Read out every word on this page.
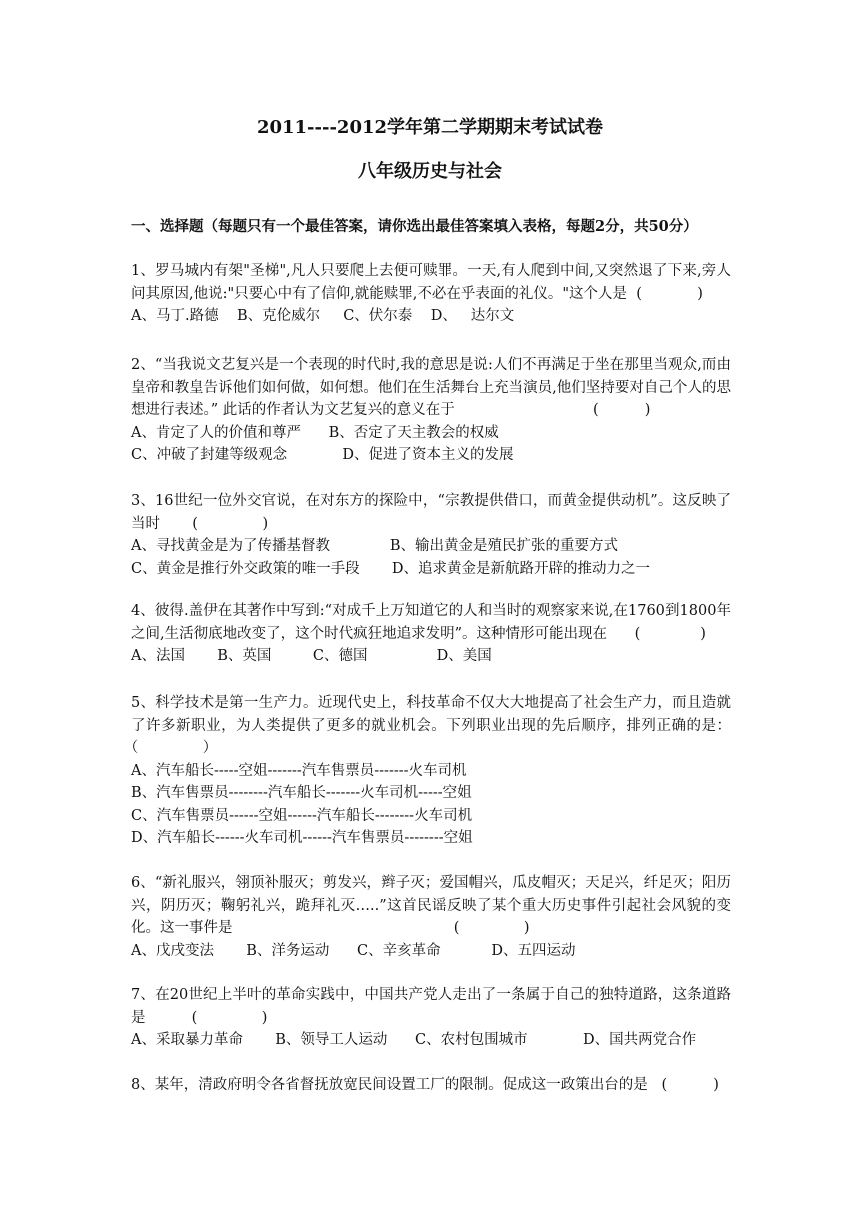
2011----2012学年第二学期期末考试试卷
八年级历史与社会
一、选择题（每题只有一个最佳答案，请你选出最佳答案填入表格，每题2分，共50分）
1、罗马城内有架"圣梯",凡人只要爬上去便可赎罪。一天,有人爬到中间,又突然退了下来,旁人问其原因,他说:"只要心中有了信仰,就能赎罪,不必在乎表面的礼仪。"这个人是  (            )
A、马丁.路德    B、克伦威尔     C、伏尔泰    D、   达尔文
2、“当我说文艺复兴是一个表现的时代时,我的意思是说:人们不再满足于坐在那里当观众,而由皇帝和教皇告诉他们如何做，如何想。他们在生活舞台上充当演员,他们坚持要对自己个人的思想进行表述。” 此话的作者认为文艺复兴的意义在于                              (          )
A、肯定了人的价值和尊严      B、否定了天主教会的权威
C、冲破了封建等级观念            D、促进了资本主义的发展
3、16世纪一位外交官说，在对东方的探险中，“宗教提供借口，而黄金提供动机”。这反映了当时       (              )
A、寻找黄金是为了传播基督教             B、输出黄金是殖民扩张的重要方式
C、黄金是推行外交政策的唯一手段       D、追求黄金是新航路开辟的推动力之一
4、彼得.盖伊在其著作中写到:“对成千上万知道它的人和当时的观察家来说,在1760到1800年之间,生活彻底地改变了，这个时代疯狂地追求发明”。这种情形可能出现在      (             )
A、法国       B、英国         C、德国               D、美国
5、科学技术是第一生产力。近现代史上，科技革命不仅大大地提高了社会生产力，而且造就了许多新职业，为人类提供了更多的就业机会。下列职业出现的先后顺序，排列正确的是：（              ）
A、汽车船长-----空姐-------汽车售票员-------火车司机
B、汽车售票员--------汽车船长-------火车司机-----空姐
C、汽车售票员------空姐------汽车船长--------火车司机
D、汽车船长------火车司机------汽车售票员--------空姐
6、“新礼服兴，翎顶补服灭；剪发兴，辫子灭；爱国帽兴，瓜皮帽灭；天足兴，纤足灭；阳历兴，阴历灭；鞠躬礼兴，跪拜礼灭…..”这首民谣反映了某个重大历史事件引起社会风貌的变化。这一事件是                                                (              )
A、戊戌变法       B、洋务运动      C、辛亥革命           D、五四运动
7、在20世纪上半叶的革命实践中，中国共产党人走出了一条属于自己的独特道路，这条道路是          (              )
A、采取暴力革命       B、领导工人运动      C、农村包围城市            D、国共两党合作
8、某年，清政府明令各省督抚放宽民间设置工厂的限制。促成这一政策出台的是   (          )
